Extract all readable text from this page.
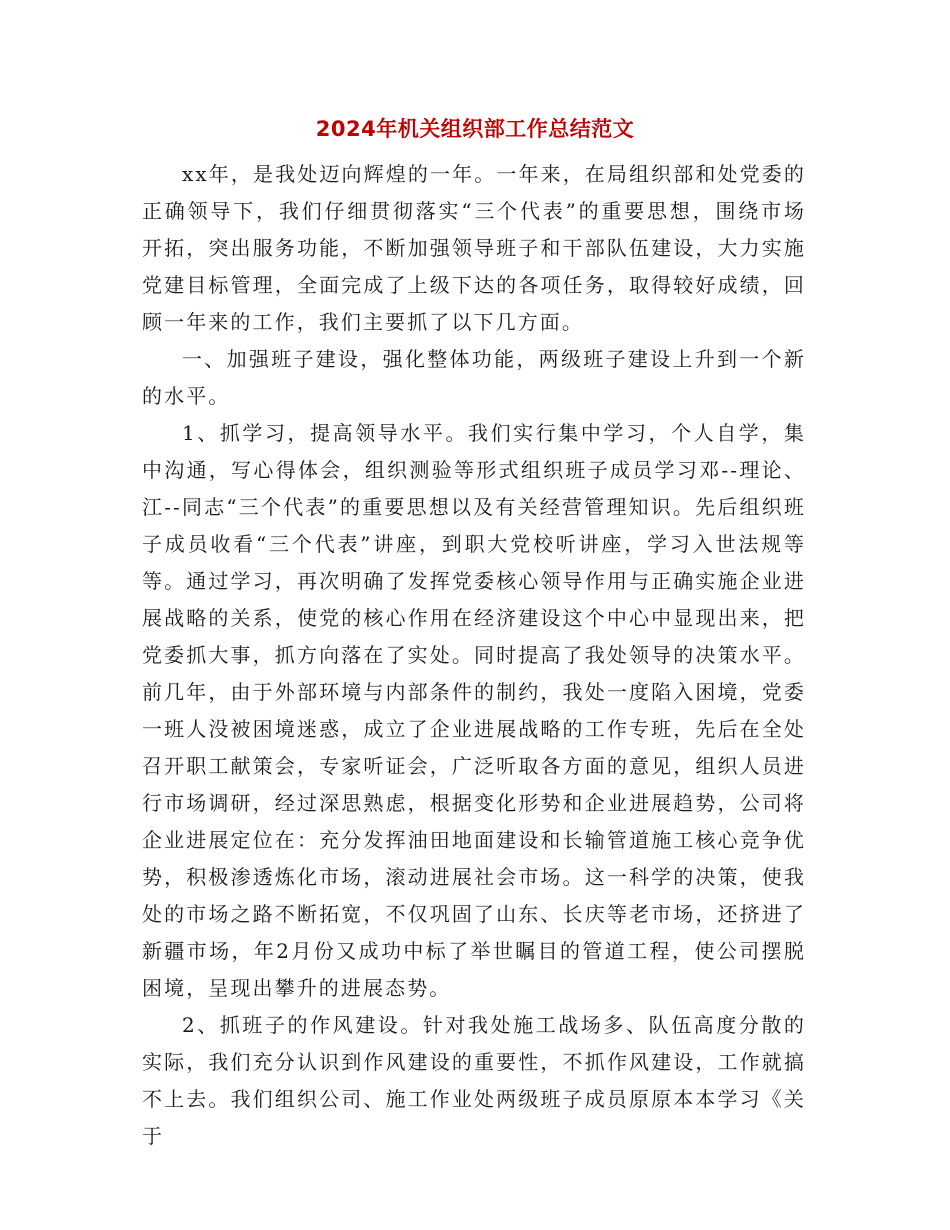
2024年机关组织部工作总结范文

xx年，是我处迈向辉煌的一年。一年来，在局组织部和处党委的正确领导下，我们仔细贯彻落实“三个代表”的重要思想，围绕市场开拓，突出服务功能，不断加强领导班子和干部队伍建设，大力实施党建目标管理，全面完成了上级下达的各项任务，取得较好成绩，回顾一年来的工作，我们主要抓了以下几方面。

一、加强班子建设，强化整体功能，两级班子建设上升到一个新的水平。

1、抓学习，提高领导水平。我们实行集中学习，个人自学，集中沟通，写心得体会，组织测验等形式组织班子成员学习邓--理论、江--同志“三个代表”的重要思想以及有关经营管理知识。先后组织班子成员收看“三个代表”讲座，到职大党校听讲座，学习入世法规等等。通过学习，再次明确了发挥党委核心领导作用与正确实施企业进展战略的关系，使党的核心作用在经济建设这个中心中显现出来，把党委抓大事，抓方向落在了实处。同时提高了我处领导的决策水平。前几年，由于外部环境与内部条件的制约，我处一度陷入困境，党委一班人没被困境迷惑，成立了企业进展战略的工作专班，先后在全处召开职工献策会，专家听证会，广泛听取各方面的意见，组织人员进行市场调研，经过深思熟虑，根据变化形势和企业进展趋势，公司将企业进展定位在：充分发挥油田地面建设和长输管道施工核心竞争优势，积极渗透炼化市场，滚动进展社会市场。这一科学的决策，使我处的市场之路不断拓宽，不仅巩固了山东、长庆等老市场，还挤进了新疆市场，年2月份又成功中标了举世瞩目的管道工程，使公司摆脱困境，呈现出攀升的进展态势。

2、抓班子的作风建设。针对我处施工战场多、队伍高度分散的实际，我们充分认识到作风建设的重要性，不抓作风建设，工作就搞不上去。我们组织公司、施工作业处两级班子成员原原本本学习《关于
